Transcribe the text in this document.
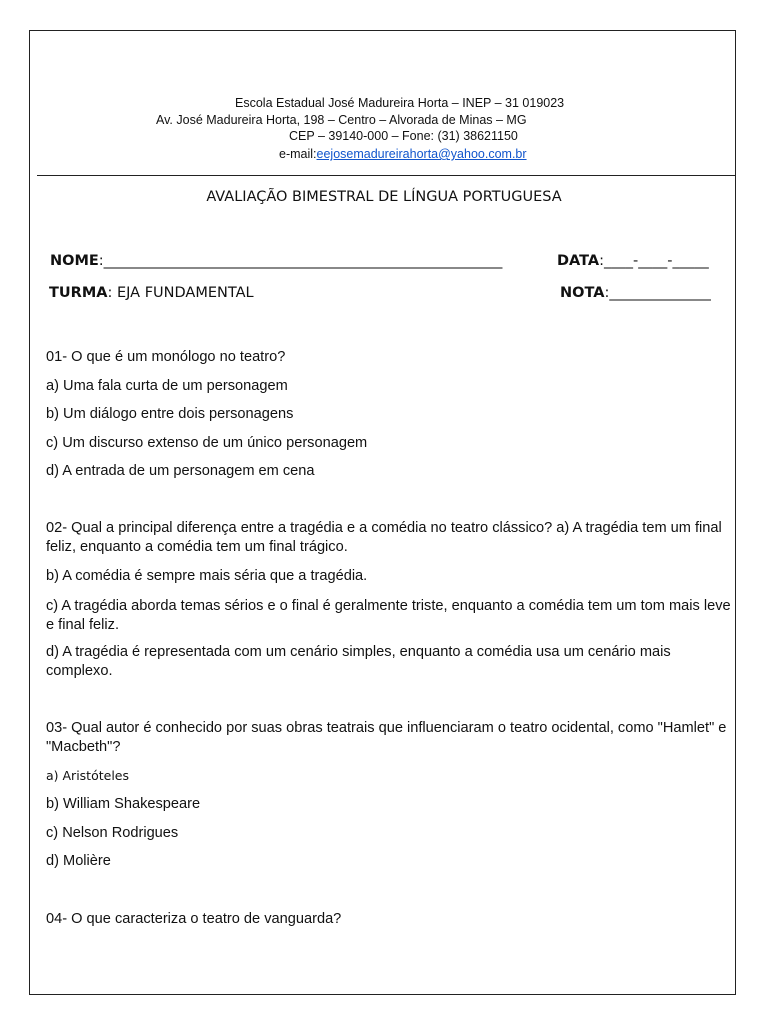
Escola Estadual José Madureira Horta – INEP – 31 019023
Av. José Madureira Horta, 198 – Centro – Alvorada de Minas – MG
CEP – 39140-000 – Fone: (31) 38621150
e-mail:eejosemadureirahorta@yahoo.com.br
AVALIAÇÃO BIMESTRAL DE LÍNGUA PORTUGUESA
NOME:_______________________________________________________	DATA:____-____-_____
TURMA: EJA FUNDAMENTAL	NOTA:______________
01- O que é um monólogo no teatro?
a) Uma fala curta de um personagem
b) Um diálogo entre dois personagens
c) Um discurso extenso de um único personagem
d) A entrada de um personagem em cena
02- Qual a principal diferença entre a tragédia e a comédia no teatro clássico? a) A tragédia tem um final feliz, enquanto a comédia tem um final trágico.
b) A comédia é sempre mais séria que a tragédia.
c) A tragédia aborda temas sérios e o final é geralmente triste, enquanto a comédia tem um tom mais leve e final feliz.
d) A tragédia é representada com um cenário simples, enquanto a comédia usa um cenário mais complexo.
03- Qual autor é conhecido por suas obras teatrais que influenciaram o teatro ocidental, como "Hamlet" e "Macbeth"?
a) Aristóteles
b) William Shakespeare
c) Nelson Rodrigues
d) Molière
04- O que caracteriza o teatro de vanguarda?
